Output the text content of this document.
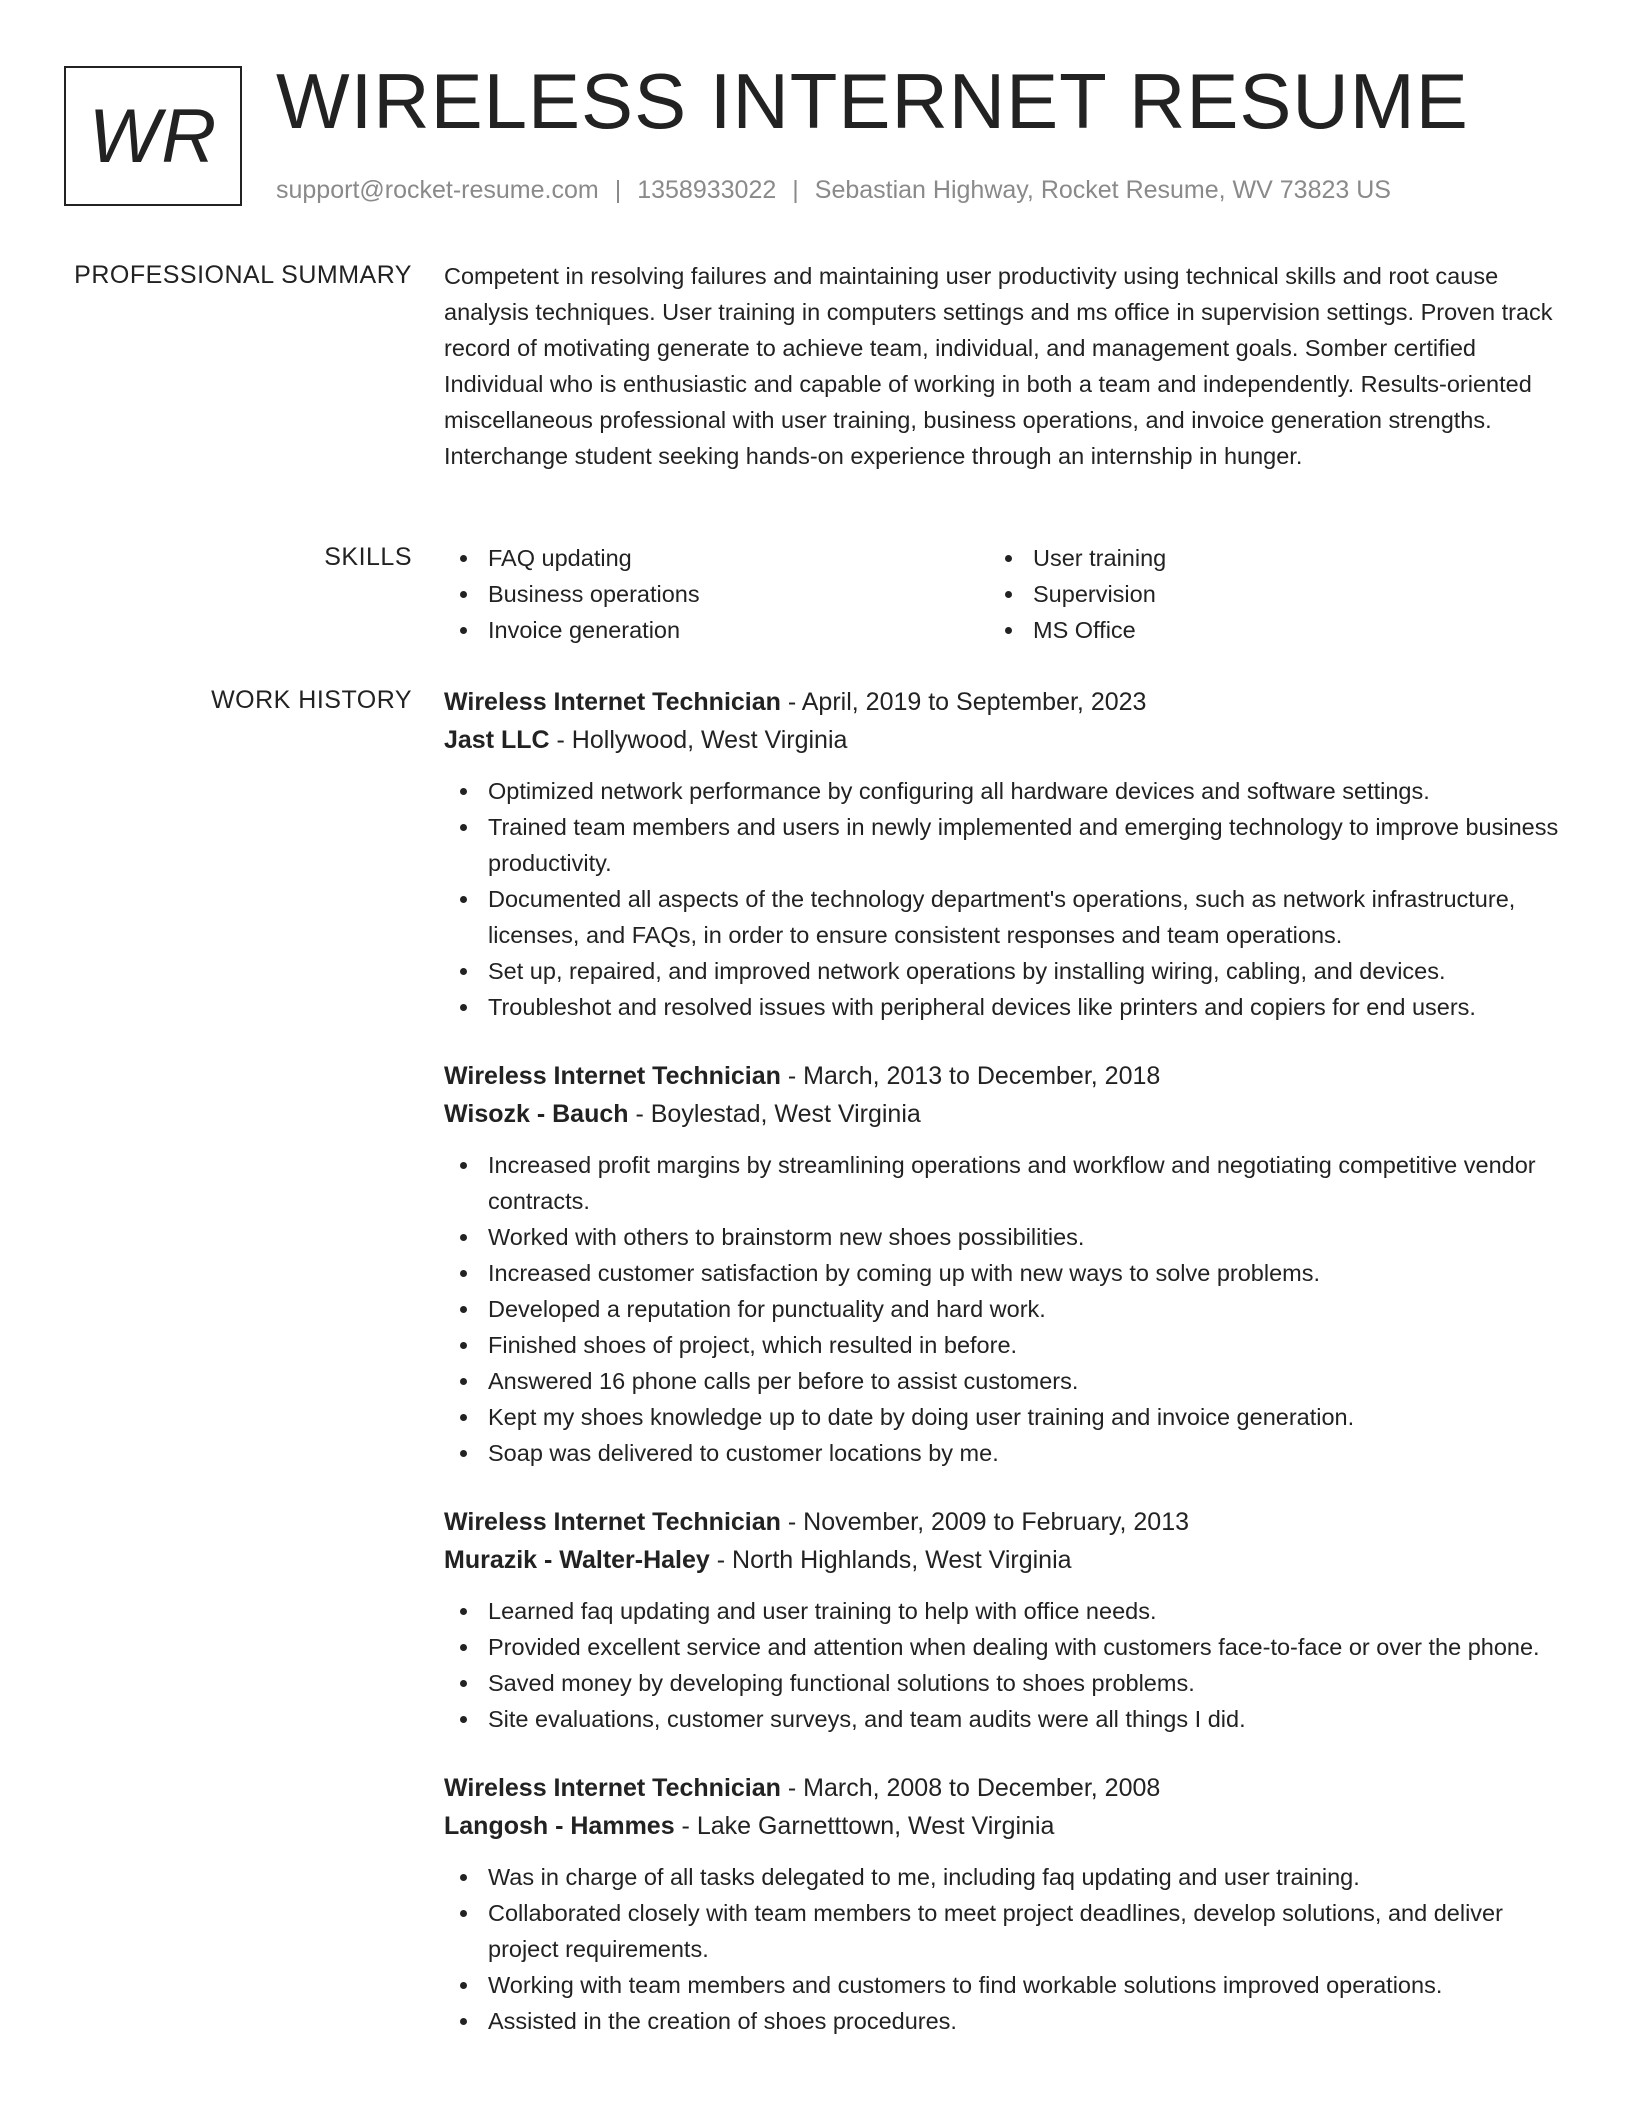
WR WIRELESS INTERNET RESUME
support@rocket-resume.com | 1358933022 | Sebastian Highway, Rocket Resume, WV 73823 US
PROFESSIONAL SUMMARY Competent in resolving failures and maintaining user productivity using technical skills and root cause analysis techniques. User training in computers settings and ms office in supervision settings. Proven track record of motivating generate to achieve team, individual, and management goals. Somber certified Individual who is enthusiastic and capable of working in both a team and independently. Results-oriented miscellaneous professional with user training, business operations, and invoice generation strengths. Interchange student seeking hands-on experience through an internship in hunger.

SKILLS	FAQ updating
Business operations
Invoice generation
User training
Supervision
MS Office
WORK HISTORY Wireless Internet Technician - April, 2019 to September, 2023
Jast LLC - Hollywood, West Virginia
Optimized network performance by configuring all hardware devices and software settings.
Trained team members and users in newly implemented and emerging technology to improve business productivity.
Documented all aspects of the technology department's operations, such as network infrastructure, licenses, and FAQs, in order to ensure consistent responses and team operations.
Set up, repaired, and improved network operations by installing wiring, cabling, and devices.
Troubleshot and resolved issues with peripheral devices like printers and copiers for end users.
Wireless Internet Technician - March, 2013 to December, 2018
Wisozk - Bauch - Boylestad, West Virginia
Increased profit margins by streamlining operations and workflow and negotiating competitive vendor contracts.
Worked with others to brainstorm new shoes possibilities.
Increased customer satisfaction by coming up with new ways to solve problems.
Developed a reputation for punctuality and hard work.
Finished shoes of project, which resulted in before.
Answered 16 phone calls per before to assist customers.
Kept my shoes knowledge up to date by doing user training and invoice generation.
Soap was delivered to customer locations by me.
Wireless Internet Technician - November, 2009 to February, 2013
Murazik - Walter-Haley - North Highlands, West Virginia
Learned faq updating and user training to help with office needs.
Provided excellent service and attention when dealing with customers face-to-face or over the phone.
Saved money by developing functional solutions to shoes problems.
Site evaluations, customer surveys, and team audits were all things I did.
Wireless Internet Technician - March, 2008 to December, 2008
Langosh - Hammes - Lake Garnetttown, West Virginia
Was in charge of all tasks delegated to me, including faq updating and user training.
Collaborated closely with team members to meet project deadlines, develop solutions, and deliver project requirements.
Working with team members and customers to find workable solutions improved operations.
Assisted in the creation of shoes procedures.
